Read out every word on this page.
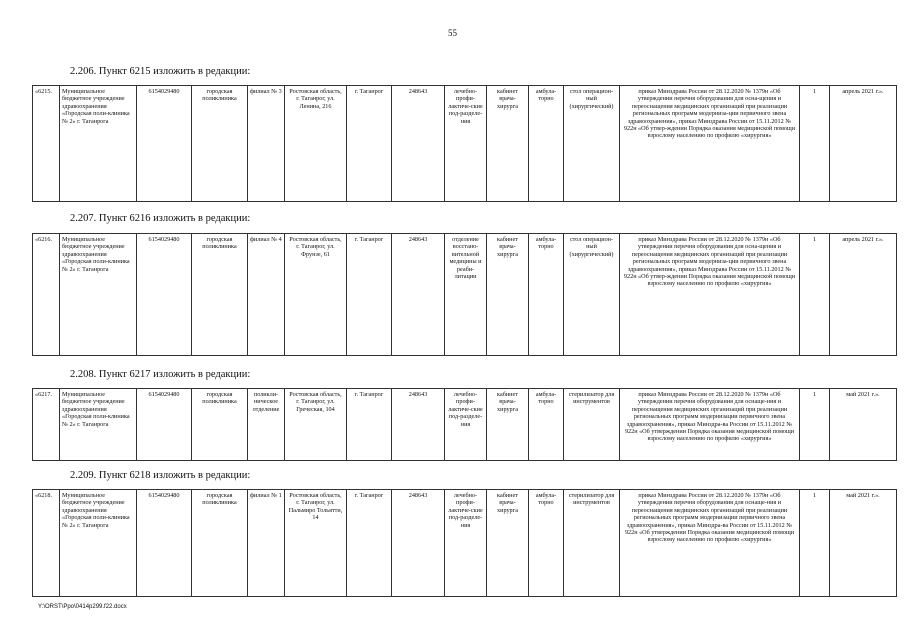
55
2.206. Пункт 6215 изложить в редакции:
«6215.	Муниципальное бюджетное учреждение здравоохранения «Городская поли-клиника № 2» г. Таганрога	6154029480	городская поликлиника	филиал № 3	Ростовская область, г. Таганрог, ул. Ленина, 216	г. Таганрог	248643	лечебно-профи-лактиче-ские под-разделе-ния	кабинет врача-хирурга	амбула-торно	стол операцион-ный (хирургический)	приказ Минздрава России от 28.12.2020 № 1379н «Об утверждении перечня оборудования для осна-щения и переоснащения медицинских организаций при реализации региональных программ модерниза-ции первичного звена здравоохранения», приказ Минздрава России от 15.11.2012 № 922н «Об утвер-ждении Порядка оказания медицинской помощи взрослому населению по профилю «хирургия»	1	апрель 2021 г.».
2.207. Пункт 6216 изложить в редакции:
«6216.	Муниципальное бюджетное учреждение здравоохранения «Городская поли-клиника № 2» г. Таганрога	6154029480	городская поликлиника	филиал № 4	Ростовская область, г. Таганрог, ул. Фрунзе, 61	г. Таганрог	248643	отделение восстано-вительной медицины и реаби-литации	кабинет врача-хирурга	амбула-торно	стол операцион-ный (хирургический)	приказ Минздрава России от 28.12.2020 № 1379н «Об утверждении перечня оборудования для осна-щения и переоснащения медицинских организаций при реализации региональных программ модерниза-ции первичного звена здравоохранения», приказ Минздрава России от 15.11.2012 № 922н «Об утвер-ждении Порядка оказания медицинской помощи взрослому населению по профилю «хирургия»	1	апрель 2021 г.».
2.208. Пункт 6217 изложить в редакции:
«6217.	Муниципальное бюджетное учреждение здравоохранения «Городская поли-клиника № 2» г. Таганрога	6154029480	городская поликлиника	поликли-ническое отделение	Ростовская область, г. Таганрог, ул. Греческая, 104	г. Таганрог	248643	лечебно-профи-лактиче-ские под-разделе-ния	кабинет врача-хирурга	амбула-торно	стерилизатор для инструментов	приказ Минздрава России от 28.12.2020 № 1379н «Об утверждении перечня оборудования для оснаще-ния и переоснащения медицинских организаций при реализации региональных программ модернизации первичного звена здравоохранения», приказ Минздра-ва России от 15.11.2012 № 922н «Об утверждении Порядка оказания медицинской помощи взрослому населению по профилю «хирургия»	1	май 2021 г.».
2.209. Пункт 6218 изложить в редакции:
«6218.	Муниципальное бюджетное учреждение здравоохранения «Городская поли-клиника № 2» г. Таганрога	6154029480	городская поликлиника	филиал № 1	Ростовская область, г. Таганрог, ул. Пальмиро Тольятти, 14	г. Таганрог	248643	лечебно-профи-лактиче-ские под-разделе-ния	кабинет врача-хирурга	амбула-торно	стерилизатор для инструментов	приказ Минздрава России от 28.12.2020 № 1379н «Об утверждении перечня оборудования для оснаще-ния и переоснащения медицинских организаций при реализации региональных программ модернизации первичного звена здравоохранения», приказ Минздра-ва России от 15.11.2012 № 922н «Об утверждении Порядка оказания медицинской помощи взрослому населению по профилю «хирургия»	1	май 2021 г.».
Y:\ORST\Ppo\0414p299.f22.docx
